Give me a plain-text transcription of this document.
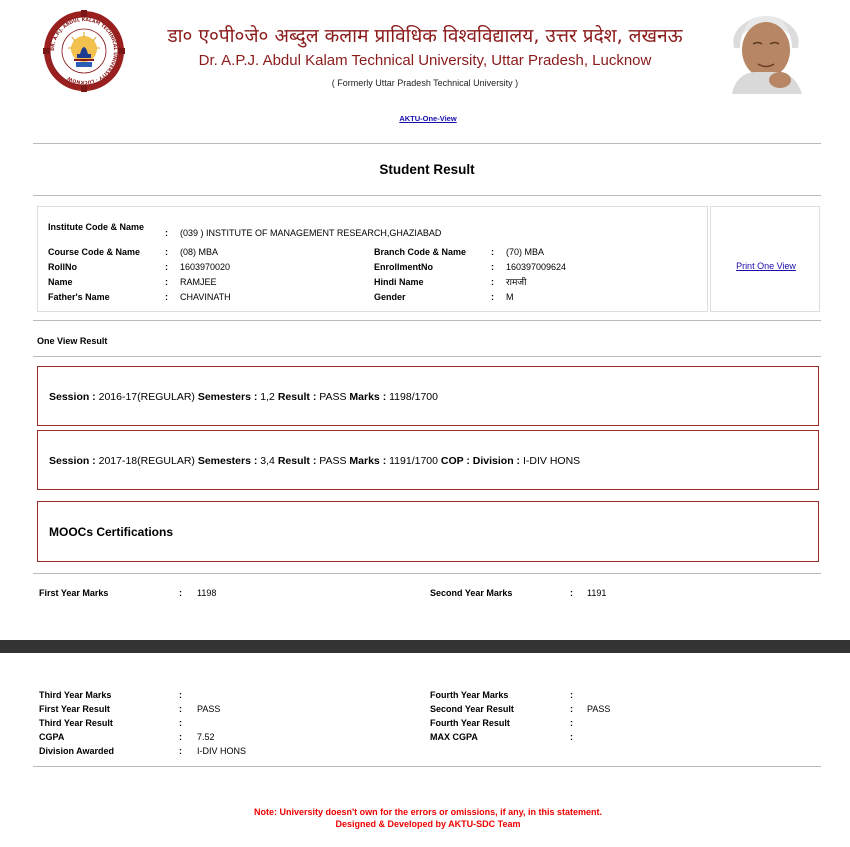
DR. A.P.J. ABDUL KALAM TECHNICAL UNIVERSITY · LUCKNOW
डा० ए०पी०जे० अब्दुल कलाम प्राविधिक विश्वविद्यालय, उत्तर प्रदेश, लखनऊ
Dr. A.P.J. Abdul Kalam Technical University, Uttar Pradesh, Lucknow
( Formerly Uttar Pradesh Technical University )
AKTU-One-View
Student Result
Institute Code & Name
: (039 ) INSTITUTE OF MANAGEMENT RESEARCH,GHAZIABAD
Course Code & Name	: (08) MBA	Branch Code & Name	: (70) MBA
RollNo	: 1603970020	EnrollmentNo	: 160397009624
Name	: RAMJEE	Hindi Name	: रामजी
Father's Name	: CHAVINATH	Gender	: M
Print One View
One View Result
Session : 2016-17(REGULAR) Semesters : 1,2 Result : PASS Marks : 1198/1700
Session : 2017-18(REGULAR) Semesters : 3,4 Result : PASS Marks : 1191/1700 COP : Division : I-DIV HONS
MOOCs Certifications
First Year Marks	: 1198	Second Year Marks	: 1191
Third Year Marks	:	Fourth Year Marks	:
First Year Result	: PASS	Second Year Result	: PASS
Third Year Result	:	Fourth Year Result	:
CGPA	: 7.52	MAX CGPA	:
Division Awarded	: I-DIV HONS
Note: University doesn't own for the errors or omissions, if any, in this statement.
Designed & Developed by AKTU-SDC Team
